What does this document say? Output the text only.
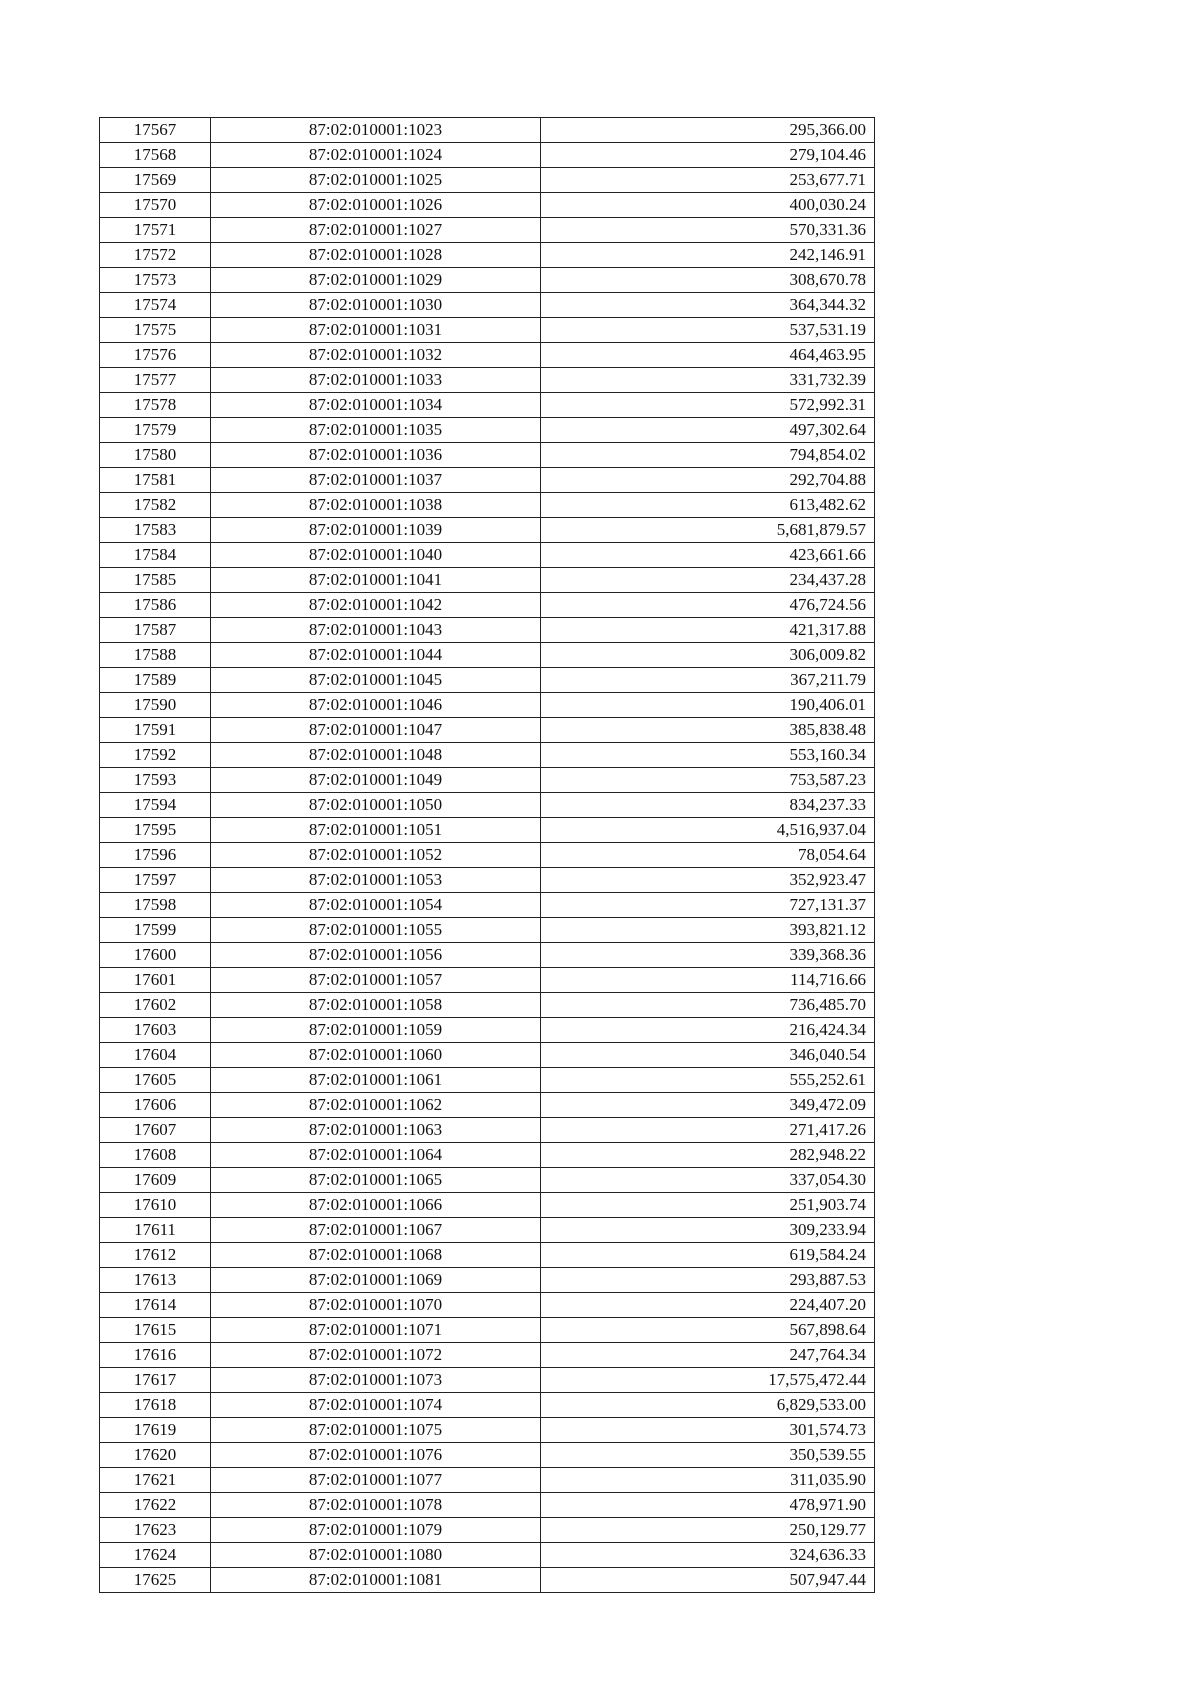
17567	87:02:010001:1023	295,366.00
17568	87:02:010001:1024	279,104.46
17569	87:02:010001:1025	253,677.71
17570	87:02:010001:1026	400,030.24
17571	87:02:010001:1027	570,331.36
17572	87:02:010001:1028	242,146.91
17573	87:02:010001:1029	308,670.78
17574	87:02:010001:1030	364,344.32
17575	87:02:010001:1031	537,531.19
17576	87:02:010001:1032	464,463.95
17577	87:02:010001:1033	331,732.39
17578	87:02:010001:1034	572,992.31
17579	87:02:010001:1035	497,302.64
17580	87:02:010001:1036	794,854.02
17581	87:02:010001:1037	292,704.88
17582	87:02:010001:1038	613,482.62
17583	87:02:010001:1039	5,681,879.57
17584	87:02:010001:1040	423,661.66
17585	87:02:010001:1041	234,437.28
17586	87:02:010001:1042	476,724.56
17587	87:02:010001:1043	421,317.88
17588	87:02:010001:1044	306,009.82
17589	87:02:010001:1045	367,211.79
17590	87:02:010001:1046	190,406.01
17591	87:02:010001:1047	385,838.48
17592	87:02:010001:1048	553,160.34
17593	87:02:010001:1049	753,587.23
17594	87:02:010001:1050	834,237.33
17595	87:02:010001:1051	4,516,937.04
17596	87:02:010001:1052	78,054.64
17597	87:02:010001:1053	352,923.47
17598	87:02:010001:1054	727,131.37
17599	87:02:010001:1055	393,821.12
17600	87:02:010001:1056	339,368.36
17601	87:02:010001:1057	114,716.66
17602	87:02:010001:1058	736,485.70
17603	87:02:010001:1059	216,424.34
17604	87:02:010001:1060	346,040.54
17605	87:02:010001:1061	555,252.61
17606	87:02:010001:1062	349,472.09
17607	87:02:010001:1063	271,417.26
17608	87:02:010001:1064	282,948.22
17609	87:02:010001:1065	337,054.30
17610	87:02:010001:1066	251,903.74
17611	87:02:010001:1067	309,233.94
17612	87:02:010001:1068	619,584.24
17613	87:02:010001:1069	293,887.53
17614	87:02:010001:1070	224,407.20
17615	87:02:010001:1071	567,898.64
17616	87:02:010001:1072	247,764.34
17617	87:02:010001:1073	17,575,472.44
17618	87:02:010001:1074	6,829,533.00
17619	87:02:010001:1075	301,574.73
17620	87:02:010001:1076	350,539.55
17621	87:02:010001:1077	311,035.90
17622	87:02:010001:1078	478,971.90
17623	87:02:010001:1079	250,129.77
17624	87:02:010001:1080	324,636.33
17625	87:02:010001:1081	507,947.44
